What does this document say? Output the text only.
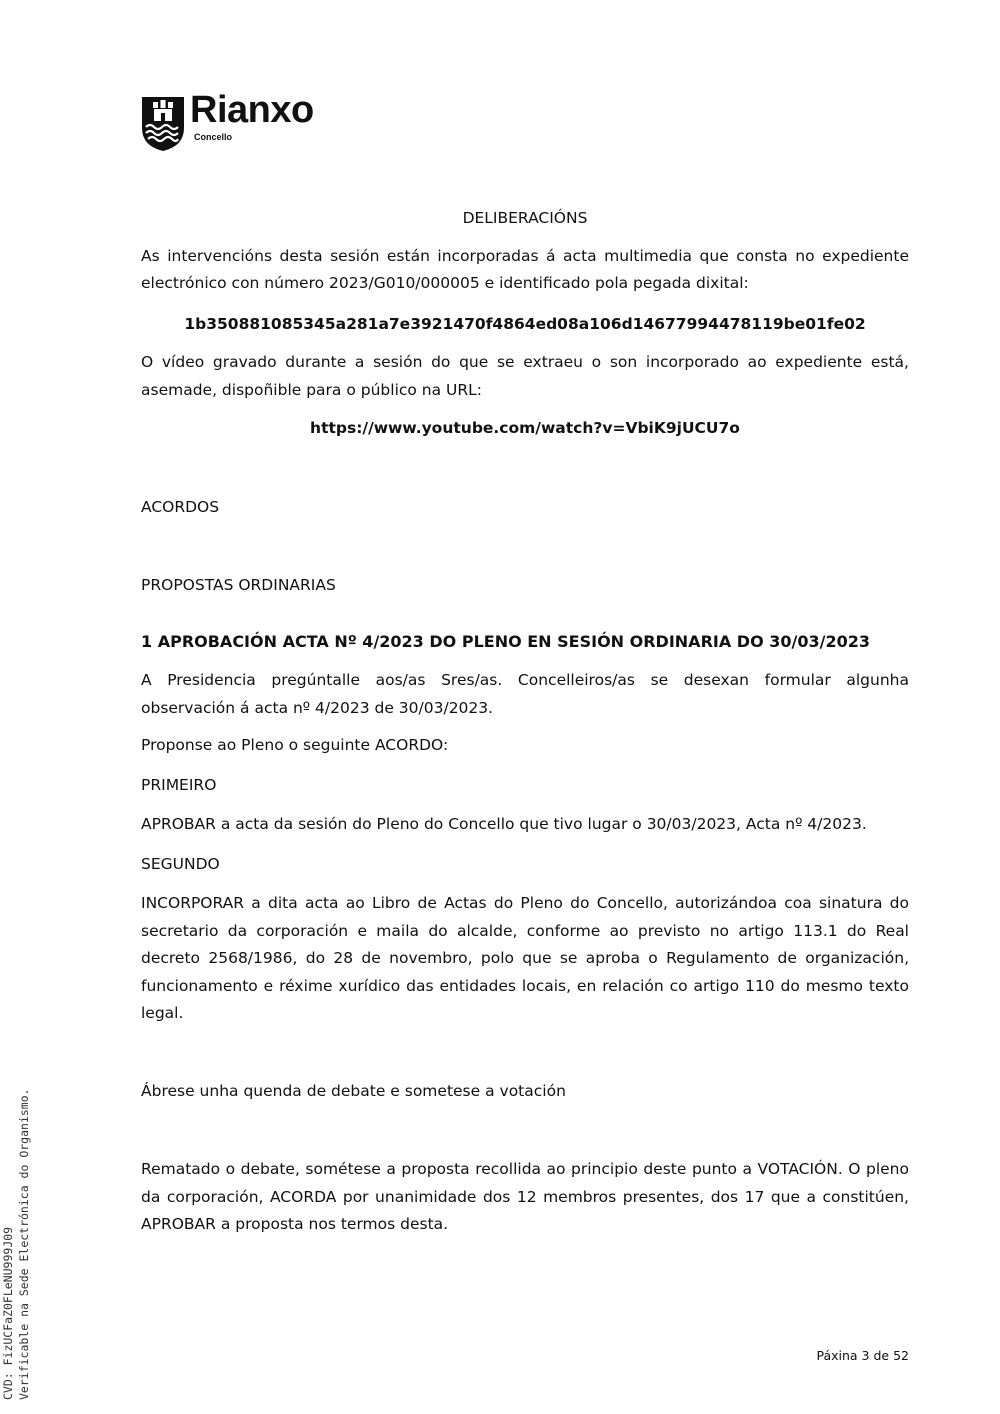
Rianxo
Concello

DELIBERACIÓNS

As intervencións desta sesión están incorporadas á acta multimedia que consta no expediente electrónico con número 2023/G010/000005 e identificado pola pegada dixital:

1b350881085345a281a7e3921470f4864ed08a106d14677994478119be01fe02

O vídeo gravado durante a sesión do que se extraeu o son incorporado ao expediente está, asemade, dispoñible para o público na URL:

https://www.youtube.com/watch?v=VbiK9jUCU7o

ACORDOS

PROPOSTAS ORDINARIAS

1 APROBACIÓN ACTA Nº 4/2023 DO PLENO EN SESIÓN ORDINARIA DO 30/03/2023

A Presidencia pregúntalle aos/as Sres/as. Concelleiros/as se desexan formular algunha observación á acta nº 4/2023 de 30/03/2023.

Proponse ao Pleno o seguinte ACORDO:

PRIMEIRO

APROBAR a acta da sesión do Pleno do Concello que tivo lugar o 30/03/2023, Acta nº 4/2023.

SEGUNDO

INCORPORAR a dita acta ao Libro de Actas do Pleno do Concello, autorizándoa coa sinatura do secretario da corporación e maila do alcalde, conforme ao previsto no artigo 113.1 do Real decreto 2568/1986, do 28 de novembro, polo que se aproba o Regulamento de organización, funcionamento e réxime xurídico das entidades locais, en relación co artigo 110 do mesmo texto legal.

Ábrese unha quenda de debate e sometese a votación

Rematado o debate, sométese a proposta recollida ao principio deste punto a VOTACIÓN. O pleno da corporación, ACORDA por unanimidade dos 12 membros presentes, dos 17 que a constitúen, APROBAR a proposta nos termos desta.

Páxina 3 de 52
CVD: FizUCFaZ0FLeNU999J09 Verificable na Sede Electrónica do Organismo.
